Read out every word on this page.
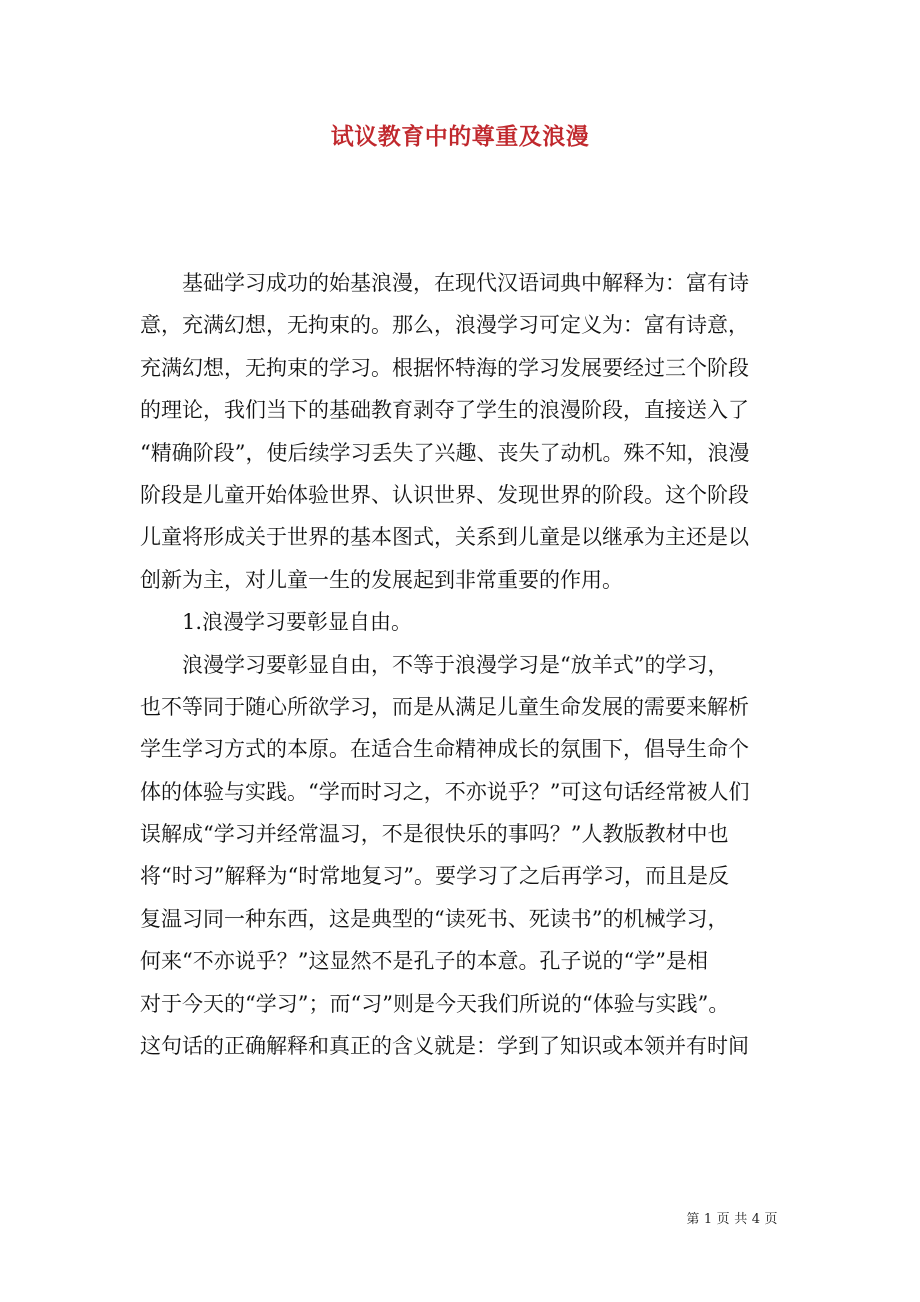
试议教育中的尊重及浪漫
基础学习成功的始基浪漫，在现代汉语词典中解释为：富有诗
意，充满幻想，无拘束的。那么，浪漫学习可定义为：富有诗意，
充满幻想，无拘束的学习。根据怀特海的学习发展要经过三个阶段
的理论，我们当下的基础教育剥夺了学生的浪漫阶段，直接送入了
“精确阶段”，使后续学习丢失了兴趣、丧失了动机。殊不知，浪漫
阶段是儿童开始体验世界、认识世界、发现世界的阶段。这个阶段
儿童将形成关于世界的基本图式，关系到儿童是以继承为主还是以
创新为主，对儿童一生的发展起到非常重要的作用。
1.浪漫学习要彰显自由。
浪漫学习要彰显自由，不等于浪漫学习是“放羊式”的学习，
也不等同于随心所欲学习，而是从满足儿童生命发展的需要来解析
学生学习方式的本原。在适合生命精神成长的氛围下，倡导生命个
体的体验与实践。“学而时习之，不亦说乎？”可这句话经常被人们
误解成“学习并经常温习，不是很快乐的事吗？”人教版教材中也
将“时习”解释为“时常地复习”。要学习了之后再学习，而且是反
复温习同一种东西，这是典型的“读死书、死读书”的机械学习，
何来“不亦说乎？”这显然不是孔子的本意。孔子说的“学”是相
对于今天的“学习”；而“习”则是今天我们所说的“体验与实践”。
这句话的正确解释和真正的含义就是：学到了知识或本领并有时间
第 1 页 共 4 页
